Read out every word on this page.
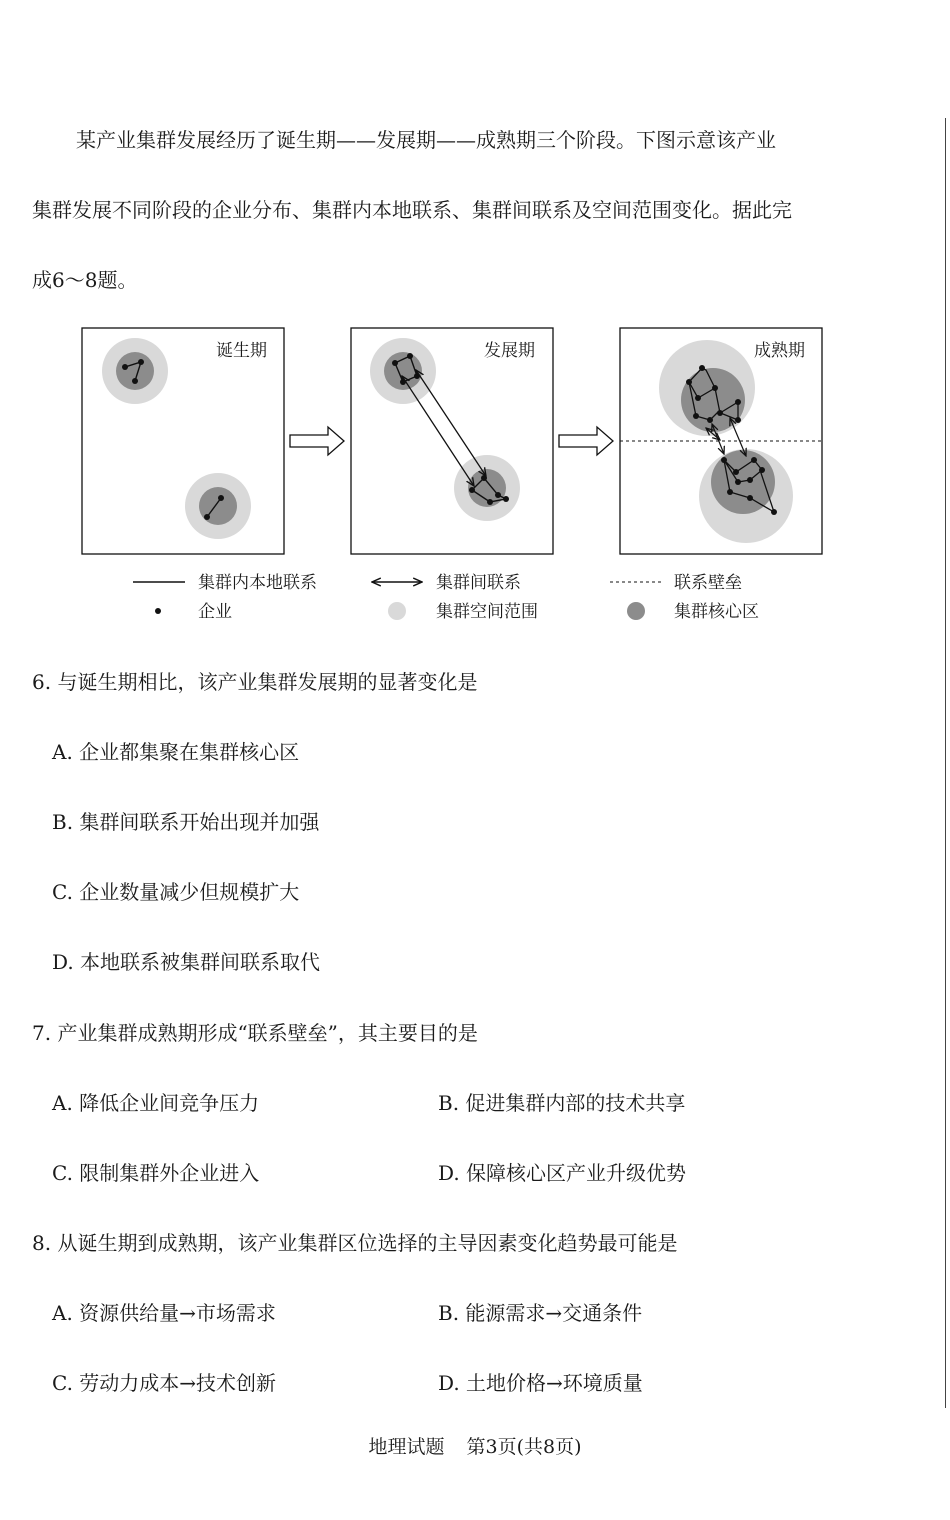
某产业集群发展经历了诞生期——发展期——成熟期三个阶段。下图示意该产业

集群发展不同阶段的企业分布、集群内本地联系、集群间联系及空间范围变化。据此完

成6～8题。

诞生期	发展期	成熟期
集群内本地联系	集群间联系	联系壁垒
企业	集群空间范围	集群核心区
6. 与诞生期相比，该产业集群发展期的显著变化是
A. 企业都集聚在集群核心区
B. 集群间联系开始出现并加强
C. 企业数量减少但规模扩大
D. 本地联系被集群间联系取代
7. 产业集群成熟期形成“联系壁垒”，其主要目的是
A. 降低企业间竞争压力	B. 促进集群内部的技术共享
C. 限制集群外企业进入	D. 保障核心区产业升级优势
8. 从诞生期到成熟期，该产业集群区位选择的主导因素变化趋势最可能是
A. 资源供给量→市场需求	B. 能源需求→交通条件
C. 劳动力成本→技术创新	D. 土地价格→环境质量
地理试题 第3页(共8页)
